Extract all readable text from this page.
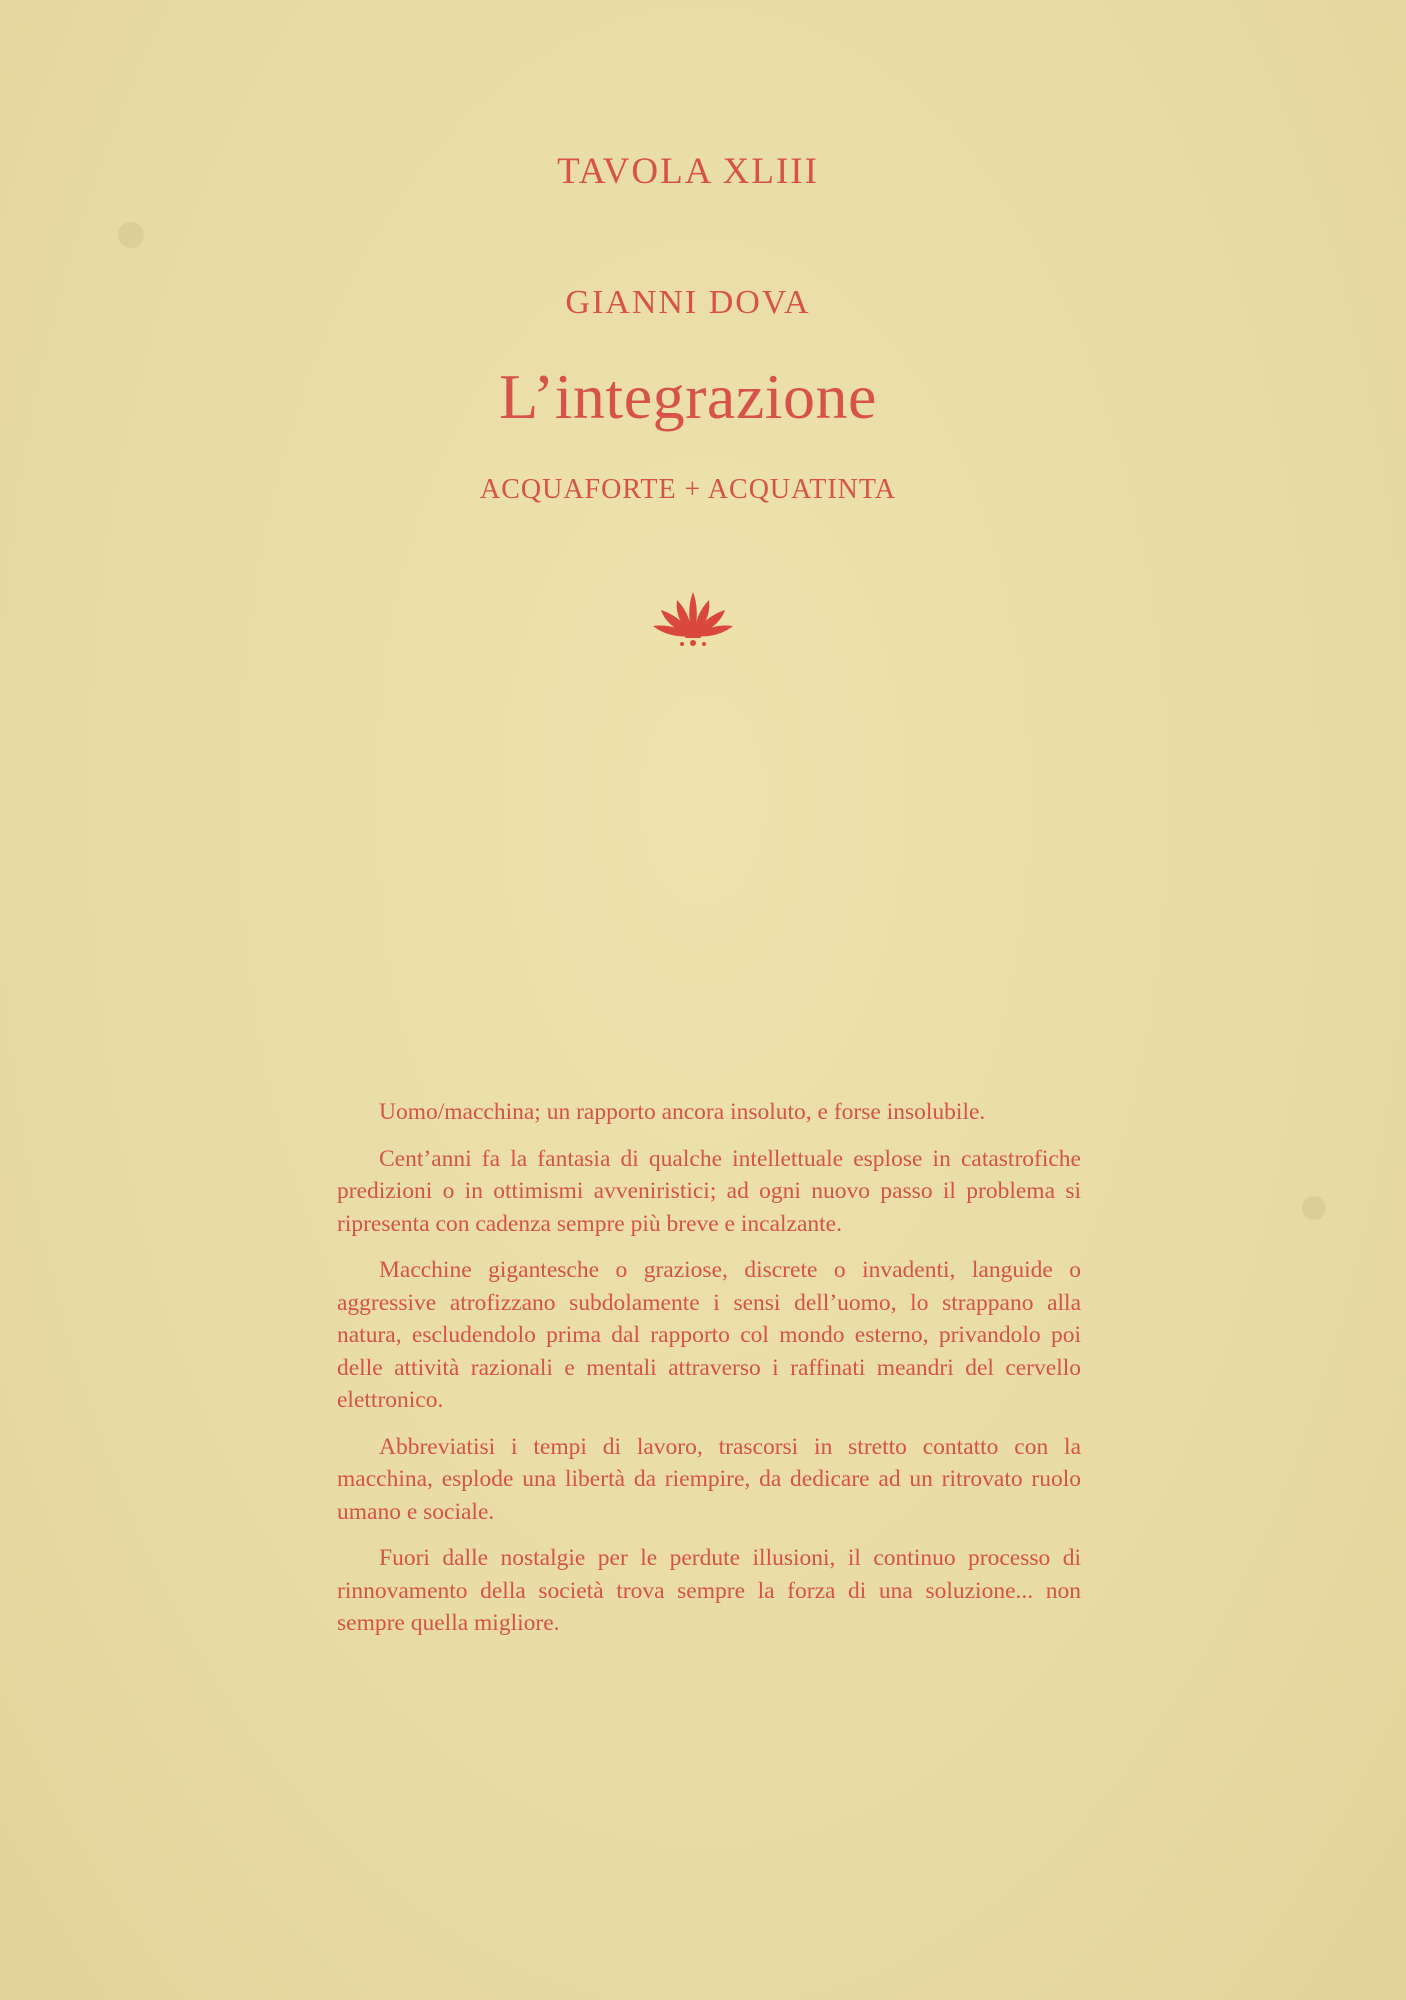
TAVOLA XLIII
GIANNI DOVA
L’integrazione
ACQUAFORTE + ACQUATINTA

Uomo/macchina; un rapporto ancora insoluto, e forse insolubile.

Cent’anni fa la fantasia di qualche intellettuale esplose in catastrofiche predizioni o in ottimismi avveniristici; ad ogni nuovo passo il problema si ripresenta con cadenza sempre più breve e incalzante.

Macchine gigantesche o graziose, discrete o invadenti, languide o aggressive atrofizzano subdolamente i sensi dell’uomo, lo strappano alla natura, escludendolo prima dal rapporto col mondo esterno, privandolo poi delle attività razionali e mentali attraverso i raffinati meandri del cervello elettronico.

Abbreviatisi i tempi di lavoro, trascorsi in stretto contatto con la macchina, esplode una libertà da riempire, da dedicare ad un ritrovato ruolo umano e sociale.

Fuori dalle nostalgie per le perdute illusioni, il continuo processo di rinnovamento della società trova sempre la forza di una soluzione... non sempre quella migliore.
